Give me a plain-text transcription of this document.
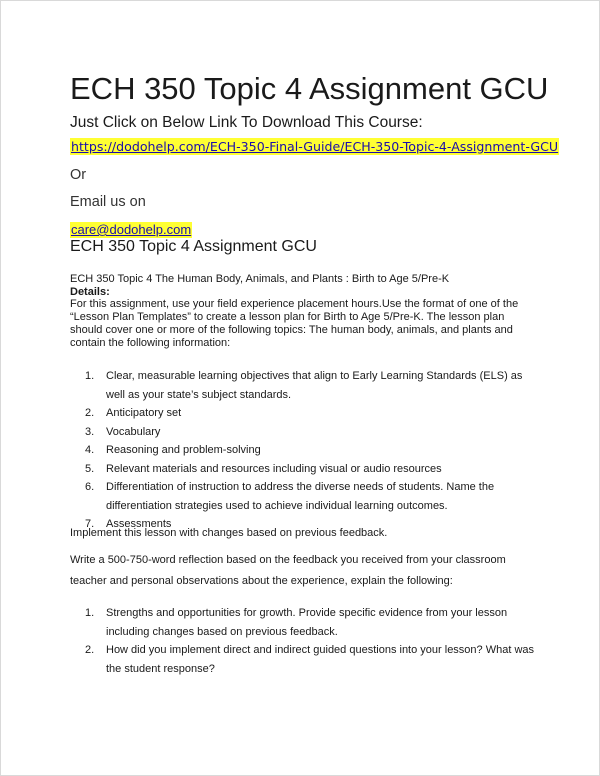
ECH 350 Topic 4 Assignment GCU
Just Click on Below Link To Download This Course:
https://dodohelp.com/ECH-350-Final-Guide/ECH-350-Topic-4-Assignment-GCU
Or
Email us on
care@dodohelp.com
ECH 350 Topic 4 Assignment GCU
ECH 350 Topic 4 The Human Body, Animals, and Plants : Birth to Age 5/Pre-K
Details:
For this assignment, use your field experience placement hours.Use the format of one of the “Lesson Plan Templates” to create a lesson plan for Birth to Age 5/Pre-K. The lesson plan should cover one or more of the following topics: The human body, animals, and plants and contain the following information:
1. Clear, measurable learning objectives that align to Early Learning Standards (ELS) as well as your state’s subject standards.
2. Anticipatory set
3. Vocabulary
4. Reasoning and problem-solving
5. Relevant materials and resources including visual or audio resources
6. Differentiation of instruction to address the diverse needs of students. Name the differentiation strategies used to achieve individual learning outcomes.
7. Assessments
Implement this lesson with changes based on previous feedback.
Write a 500-750-word reflection based on the feedback you received from your classroom teacher and personal observations about the experience, explain the following:
1. Strengths and opportunities for growth. Provide specific evidence from your lesson including changes based on previous feedback.
2. How did you implement direct and indirect guided questions into your lesson? What was the student response?
